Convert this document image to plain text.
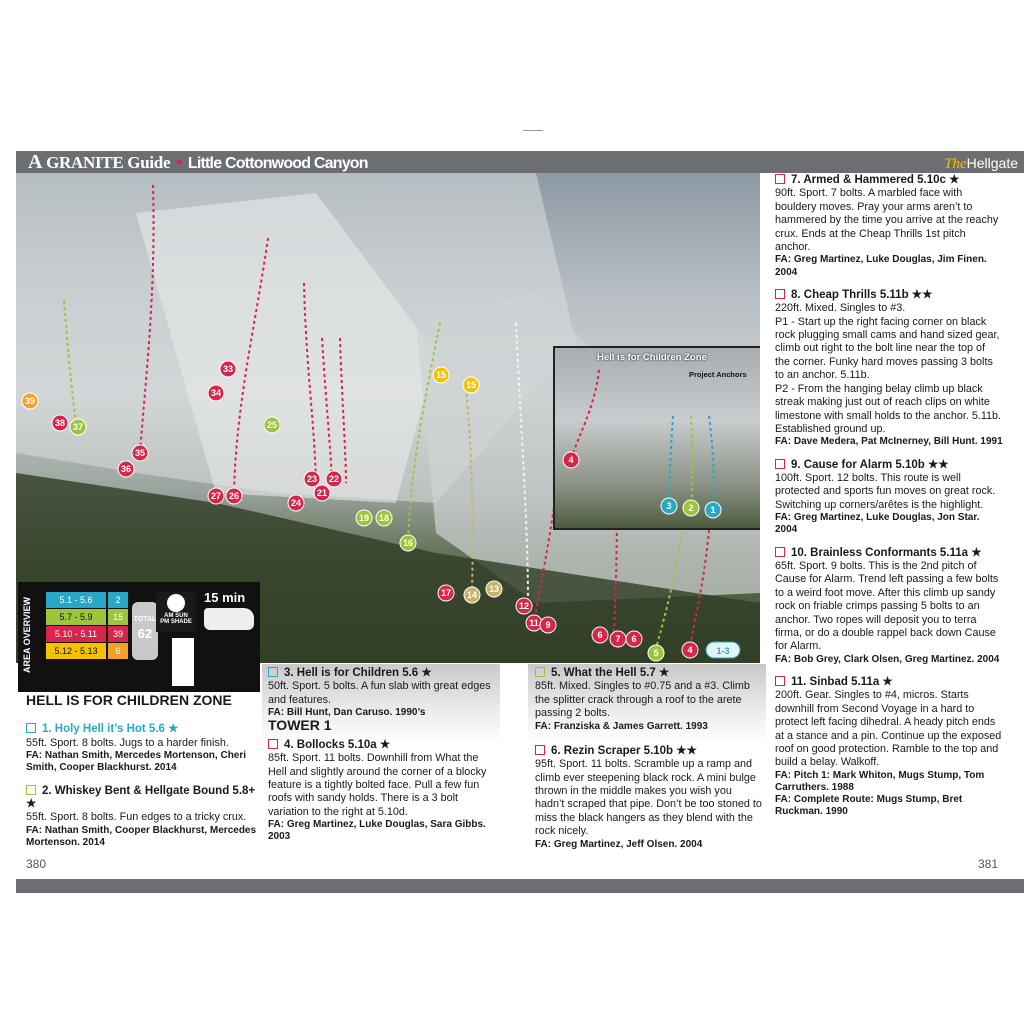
A GRANITE Guide • Little Cottonwood Canyon	TheHellgate
39
38 37
36
35
34
33
27 26
25
24
23 22
21
19 18
16
15
15
17 14
13
12
11 9
6 7 6
5	4	1-3
Hell is for Children Zone
Project Anchors
4
3 2 1
AREA OVERVIEW	5.1 - 5.6	2
5.7 - 5.9	15
5.10 - 5.11	39
5.12 - 5.13	6
TOTAL
62
AM SUN
PM SHADE
15 min

HELL IS FOR CHILDREN ZONE

1. Holy Hell it’s Hot 5.6 ★

55ft. Sport. 8 bolts. Jugs to a harder finish.

FA: Nathan Smith, Mercedes Mortenson, Cheri Smith, Cooper Blackhurst. 2014

2. Whiskey Bent & Hellgate Bound 5.8+ ★

55ft. Sport. 8 bolts. Fun edges to a tricky crux.

FA: Nathan Smith, Cooper Blackhurst, Mercedes Mortenson. 2014

380

3. Hell is for Children 5.6 ★

50ft. Sport. 5 bolts. A fun slab with great edges and features.

FA: Bill Hunt, Dan Caruso. 1990’s

TOWER 1

4. Bollocks 5.10a ★

85ft. Sport. 11 bolts. Downhill from What the Hell and slightly around the corner of a blocky feature is a tightly bolted face. Pull a few fun roofs with sandy holds. There is a 3 bolt variation to the right at 5.10d.

FA: Greg Martinez, Luke Douglas, Sara Gibbs. 2003

5. What the Hell 5.7 ★

85ft. Mixed. Singles to #0.75 and a #3. Climb the splitter crack through a roof to the arete passing 2 bolts.

FA: Franziska & James Garrett. 1993

6. Rezin Scraper 5.10b ★★

95ft. Sport. 11 bolts. Scramble up a ramp and climb ever steepening black rock. A mini bulge thrown in the middle makes you wish you hadn’t scraped that pipe. Don’t be too stoned to miss the black hangers as they blend with the rock nicely.

FA: Greg Martinez, Jeff Olsen. 2004

7. Armed & Hammered 5.10c ★

90ft. Sport. 7 bolts. A marbled face with bouldery moves. Pray your arms aren’t to hammered by the time you arrive at the reachy crux. Ends at the Cheap Thrills 1st pitch anchor.

FA: Greg Martinez, Luke Douglas, Jim Finen. 2004

8. Cheap Thrills 5.11b ★★

220ft. Mixed. Singles to #3.

P1 - Start up the right facing corner on black rock plugging small cams and hand sized gear, climb out right to the bolt line near the top of the corner. Funky hard moves passing 3 bolts to an anchor. 5.11b.

P2 - From the hanging belay climb up black streak making just out of reach clips on white limestone with small holds to the anchor. 5.11b. Established ground up.

FA: Dave Medera, Pat McInerney, Bill Hunt. 1991

9. Cause for Alarm 5.10b ★★

100ft. Sport. 12 bolts. This route is well protected and sports fun moves on great rock. Switching up corners/arêtes is the highlight.

FA: Greg Martinez, Luke Douglas, Jon Star. 2004

10. Brainless Conformants 5.11a ★

65ft. Sport. 9 bolts. This is the 2nd pitch of Cause for Alarm. Trend left passing a few bolts to a weird foot move. After this climb up sandy rock on friable crimps passing 5 bolts to an anchor. Two ropes will deposit you to terra firma, or do a double rappel back down Cause for Alarm.

FA: Bob Grey, Clark Olsen, Greg Martinez. 2004

11. Sinbad 5.11a ★

200ft. Gear. Singles to #4, micros. Starts downhill from Second Voyage in a hard to protect left facing dihedral. A heady pitch ends at a stance and a pin. Continue up the exposed roof on good protection. Ramble to the top and build a belay. Walkoff.

FA: Pitch 1: Mark Whiton, Mugs Stump, Tom Carruthers. 1988

FA: Complete Route: Mugs Stump, Bret Ruckman. 1990

381
